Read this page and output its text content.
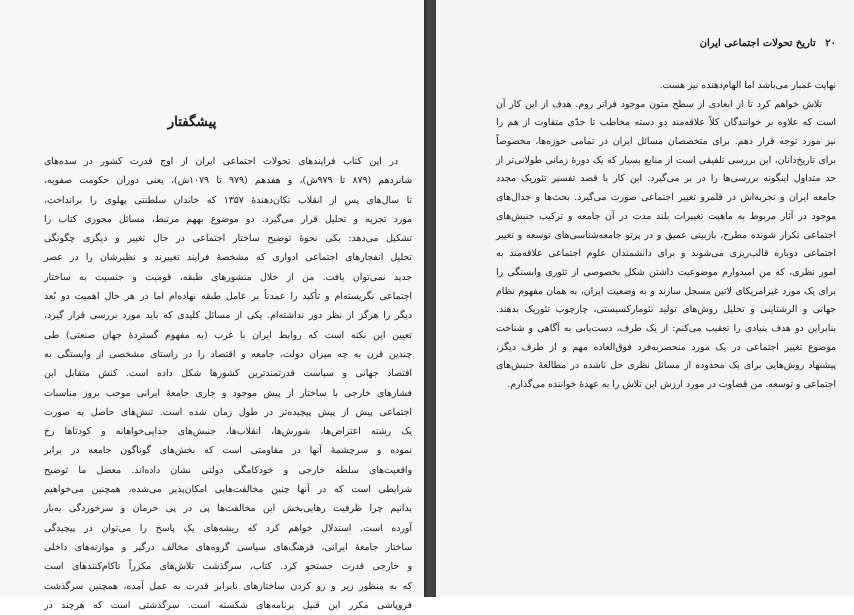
پیشگفتار
در این کتاب فرایندهای تحولات اجتماعی ایران از اوج قدرت کشور در سده‌های
شانزدهم (۸۷۹ تا ۹۷۹ش)، و هفدهم (۹۷۹ تا ۱۰۷۹ش)، یعنی دوران حکومت صفویه،
تا سال‌های پس از انقلاب تکان‌دهندهٔ ۱۳۵۷ که خاندان سلطنتی پهلوی را برانداخت،
مورد تجزیه و تحلیل قرار می‌گیرد. دو موضوع بههم مرتبط، مسائل محوری کتاب را
تشکیل می‌دهد: یکی نحوهٔ توضیح ساختار اجتماعی در حال تغییر و دیگری چگونگی
تحلیل انفجارهای اجتماعی ادواری که مشخصهٔ فرایند تغییرند و نظیرشان را در عصر
جدید نمی‌توان یافت. من از خلال منشورهای طبقه، قومیت و جنسیت به ساختار
اجتماعی نگریسته‌ام و تأکید را عمدتاً بر عامل طبقه نهاده‌ام اما در هر حال اهمیت دو بُعد
دیگر را هرگز از نظر دور نداشته‌ام. یکی از مسائل کلیدی که باید مورد بررسی قرار گیرد،
تعیین این نکته است که روابط ایران با غرب (به مفهوم گستردهٔ جهان صنعتی) طی
چندین قرن به چه میزان دولت، جامعه و اقتصاد را در راستای مشخصی از وابستگی به
اقتصاد جهانی و سیاست قدرتمندترین کشورها شکل داده است. کنش متقابل این
فشارهای خارجی با ساختار از پیش موجود و جاری جامعهٔ ایرانی موجب بروز مناسبات
اجتماعی پیش از پیش پیچیده‌تر در طول زمان شده است. تنش‌های حاصل به صورت
یک رشته اعتراض‌ها، شورش‌ها، انقلاب‌ها، جنبش‌های جدایی‌خواهانه و کودتاها رخ
نموده و سرچشمهٔ آنها در مقاومتی است که بخش‌های گوناگون جامعه در برابر
واقعیت‌های سلطه خارجی و خودکامگی دولتی نشان داده‌اند. معضل ما توضیح
شرایطی است که در آنها چنین مخالفت‌هایی امکان‌پذیر می‌شده، همچنین می‌خواهیم
بدانیم چرا ظرفیت رهایی‌بخش این مخالفت‌ها پی در پی حرمان و سرخوردگی به‌بار
آورده است. استدلال خواهم کرد که ریشه‌های یک پاسخ را می‌توان در پیچیدگی
ساختار جامعهٔ ایرانی، فرهنگ‌های سیاسی گروه‌های مخالف درگیر و موازنه‌های داخلی
و خارجی قدرت جستجو کرد. کتاب، سرگذشت تلاش‌های مکرراً ناکام‌کنندهای است
که به منظور زیر و رو کردن ساختارهای نابرابر قدرت به عمل آمده، همچنین سرگذشت
فروپاشی مکرر این قبیل برنامه‌های شکسته است. سرگذشتی است که هرچند در
۲۰ تاریخ تحولات اجتماعی ایران
نهایت غمبار می‌باشد اما الهام‌دهنده نیز هست.
تلاش خواهم کرد تا از ابعادی از سطح متون موجود فراتر روم. هدف از این کار آن
است که علاوه بر خوانندگان کلاً علاقه‌مند دو دسته مخاطب تا حدّی متفاوت از هم را
نیز مورد توجه قرار دهم. برای متخصصان مسائل ایران در تمامی حوزه‌ها، مخصوصاً
برای تاریخ‌دانان، این بررسی تلفیقی است از منابع بسیار که یک دورهٔ زمانی طولانی‌تر از
حد متداول اینگونه بررسی‌ها را در بر می‌گیرد. این کار با قصد تفسیر تئوریک مجدد
جامعه ایران و تجربه‌اش در قلمرو تغییر اجتماعی صورت می‌گیرد. بحث‌ها و جدال‌های
موجود در آثار مربوط به ماهیت تغییرات بلند مدت در آن جامعه و ترکیب جنبش‌های
اجتماعی تکرار شونده مطرح، بازبینی عمیق و در پرتو جامعه‌شناسی‌های توسعه و تغییر
اجتماعی دوباره قالب‌ریزی می‌شوند و برای دانشمندان علوم اجتماعی علاقه‌مند به
امور نظری، که من امیدوارم موضوعیت داشتن شکل بخصوصی از تئوری وابستگی را
برای یک مورد غیرامریکای لاتین مسجل سازند و به وضعیت ایران، به همان مفهوم نظام
جهانی و الرشتاینی و تحلیل روش‌های تولید نئومارکسیستی، چارچوب تئوریک بدهند.
بنابراین دو هدف بنیادی را تعقیب می‌کنم: از یک طرف، دست‌یابی به آگاهی و شناخت
موضوع تغییر اجتماعی در یک مورد منحصربه‌فرد فوق‌العاده مهم و از طرف دیگر،
پیشنهاد روش‌هایی برای یک محدوده از مسائل نظری حل ناشده در مطالعهٔ جنبش‌های
اجتماعی و توسعه. من قضاوت در مورد ارزش این تلاش را به عهدهٔ خواننده می‌گذارم.
